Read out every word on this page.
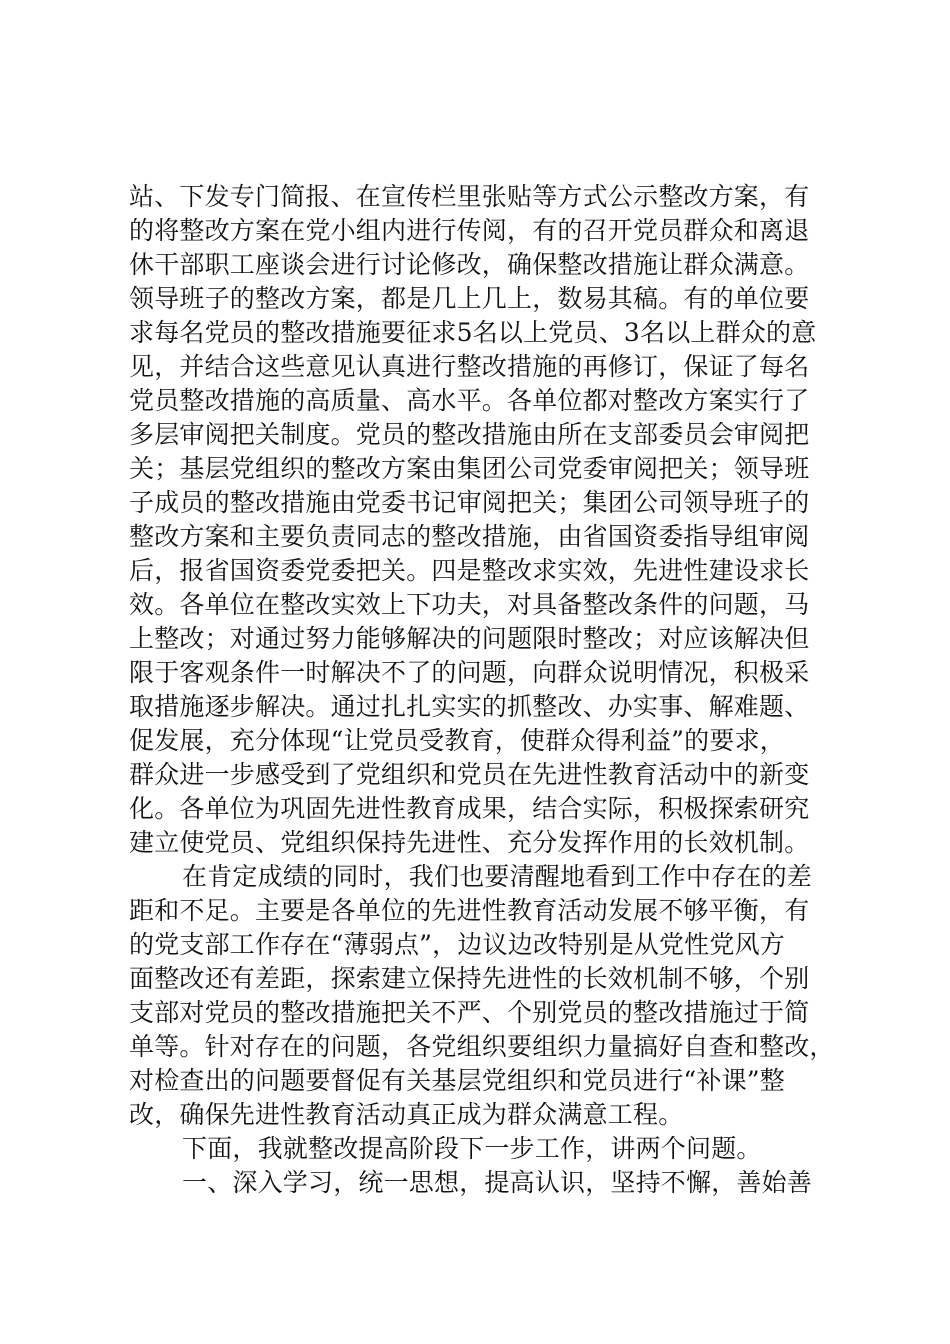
站、下发专门简报、在宣传栏里张贴等方式公示整改方案，有
的将整改方案在党小组内进行传阅，有的召开党员群众和离退
休干部职工座谈会进行讨论修改，确保整改措施让群众满意。
领导班子的整改方案，都是几上几上，数易其稿。有的单位要
求每名党员的整改措施要征求5名以上党员、3名以上群众的意
见，并结合这些意见认真进行整改措施的再修订，保证了每名
党员整改措施的高质量、高水平。各单位都对整改方案实行了
多层审阅把关制度。党员的整改措施由所在支部委员会审阅把
关；基层党组织的整改方案由集团公司党委审阅把关；领导班
子成员的整改措施由党委书记审阅把关；集团公司领导班子的
整改方案和主要负责同志的整改措施，由省国资委指导组审阅
后，报省国资委党委把关。四是整改求实效，先进性建设求长
效。各单位在整改实效上下功夫，对具备整改条件的问题，马
上整改；对通过努力能够解决的问题限时整改；对应该解决但
限于客观条件一时解决不了的问题，向群众说明情况，积极采
取措施逐步解决。通过扎扎实实的抓整改、办实事、解难题、
促发展，充分体现“让党员受教育，使群众得利益”的要求，
群众进一步感受到了党组织和党员在先进性教育活动中的新变
化。各单位为巩固先进性教育成果，结合实际，积极探索研究
建立使党员、党组织保持先进性、充分发挥作用的长效机制。
在肯定成绩的同时，我们也要清醒地看到工作中存在的差
距和不足。主要是各单位的先进性教育活动发展不够平衡，有
的党支部工作存在“薄弱点”，边议边改特别是从党性党风方
面整改还有差距，探索建立保持先进性的长效机制不够，个别
支部对党员的整改措施把关不严、个别党员的整改措施过于简
单等。针对存在的问题，各党组织要组织力量搞好自查和整改，
对检查出的问题要督促有关基层党组织和党员进行“补课”整
改，确保先进性教育活动真正成为群众满意工程。
下面，我就整改提高阶段下一步工作，讲两个问题。
一、深入学习，统一思想，提高认识，坚持不懈，善始善
